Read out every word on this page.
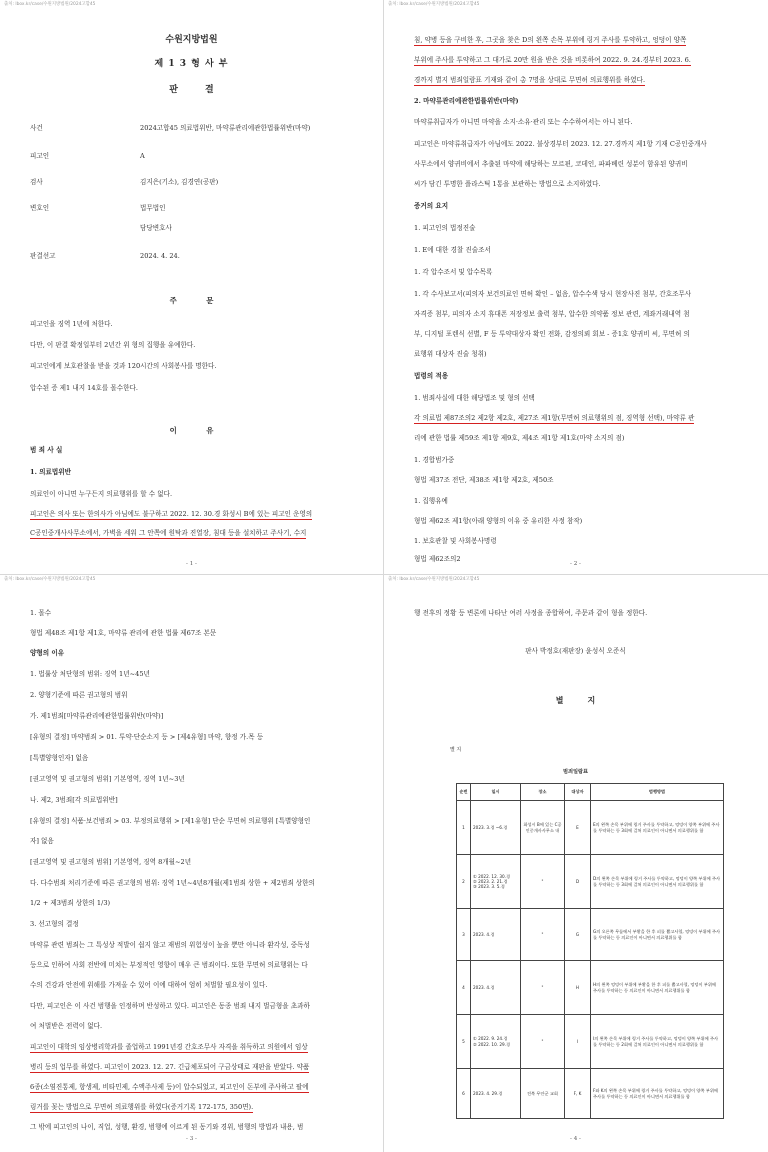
출처: lbox.kr/case/수원지방법원/2024고합45
수원지방법원
제 1 3 형 사 부
판　　　결
사건	2024고합45 의료법위반, 마약류관리에관한법률위반(마약)
피고인	A
검사	김지은(기소), 김경연(공판)
변호인	법무법인
담당변호사
판결선고	2024. 4. 24.
주　　　　문
피고인을 징역 1년에 처한다.
다만, 이 판결 확정일부터 2년간 위 형의 집행을 유예한다.
피고인에게 보호관찰을 받을 것과 120시간의 사회봉사를 명한다.
압수된 증 제1 내지 14호를 몰수한다.
이　　　　유
범 죄 사 실
1. 의료법위반
의료인이 아니면 누구든지 의료행위를 할 수 없다.
피고인은 의사 또는 한의사가 아님에도 불구하고 2022. 12. 30.경 화성시 B에 있는 피고인 운영의
C공인중개사사무소에서, 가벽을 세워 그 안쪽에 원탁과 진열장, 침대 등을 설치하고 주사기, 수지
- 1 -
출처: lbox.kr/case/수원지방법원/2024고합45
침, 약병 등을 구비한 후, 그곳을 찾은 D의 왼쪽 손목 부위에 링거 주사를 투약하고, 엉덩이 양쪽
부위에 주사를 투약하고 그 대가로 20만 원을 받은 것을 비롯하여 2022. 9. 24.경부터 2023. 6.
경까지 별지 범죄일람표 기재와 같이 총 7명을 상대로 무면허 의료행위를 하였다.
2. 마약류관리에관한법률위반(마약)
마약류취급자가 아니면 마약을 소지·소유·관리 또는 수수하여서는 아니 된다.
피고인은 마약류취급자가 아님에도 2022. 불상경부터 2023. 12. 27.경까지 제1항 기재 C공인중개사
사무소에서 양귀비에서 추출된 마약에 해당하는 모르핀, 코데인, 파파베린 성분이 함유된 양귀비
씨가 담긴 투명한 플라스틱 1통을 보관하는 방법으로 소지하였다.
증거의 요지
1. 피고인의 법정진술
1. E에 대한 경찰 진술조서
1. 각 압수조서 및 압수목록
1. 각 수사보고서(피의자 보건의료인 면허 확인 – 없음, 압수수색 당시 현장사진 첨부, 간호조무사
자격증 첨부, 피의자 소지 휴대폰 저장정보 출력 첨부, 압수한 의약품 정보 관련, 계좌거래내역 첨
부, 디지털 포렌식 선별, F 등 투약대상자 확인 전화, 감정의뢰 회보 - 증1호 양귀비 씨, 무면허 의
료행위 대상자 진술 청취)
법령의 적용
1. 범죄사실에 대한 해당법조 및 형의 선택
각 의료법 제87조의2 제2항 제2호, 제27조 제1항(무면허 의료행위의 점, 징역형 선택), 마약류 관
리에 관한 법률 제59조 제1항 제9호, 제4조 제1항 제1호(마약 소지의 점)
1. 경합범가중
형법 제37조 전단, 제38조 제1항 제2호, 제50조
1. 집행유예
형법 제62조 제1항(아래 양형의 이유 중 유리한 사정 참작)
1. 보호관찰 및 사회봉사명령
형법 제62조의2
- 2 -
출처: lbox.kr/case/수원지방법원/2024고합45
1. 몰수
형법 제48조 제1항 제1호, 마약류 관리에 관한 법률 제67조 본문
양형의 이유
1. 법률상 처단형의 범위: 징역 1년~45년
2. 양형기준에 따른 권고형의 범위
가. 제1범죄[마약류관리에관한법률위반(마약)]
[유형의 결정] 마약범죄 > 01. 투약·단순소지 등 > [제4유형] 마약, 향정 가.목 등
[특별양형인자] 없음
[권고영역 및 권고형의 범위] 기본영역, 징역 1년~3년
나. 제2, 3범죄[각 의료법위반]
[유형의 결정] 식품·보건범죄 > 03. 부정의료행위 > [제1유형] 단순 무면허 의료행위 [특별양형인
자] 없음
[권고영역 및 권고형의 범위] 기본영역, 징역 8개월~2년
다. 다수범죄 처리기준에 따른 권고형의 범위: 징역 1년~4년8개월(제1범죄 상한 + 제2범죄 상한의
1/2 + 제3범죄 상한의 1/3)
3. 선고형의 결정
마약류 관련 범죄는 그 특성상 적발이 쉽지 않고 재범의 위험성이 높을 뿐만 아니라 환각성, 중독성
등으로 인하여 사회 전반에 미치는 부정적인 영향이 매우 큰 범죄이다. 또한 무면허 의료행위는 다
수의 건강과 안전에 위해를 가져올 수 있어 이에 대하여 엄히 처벌할 필요성이 있다.
다만, 피고인은 이 사건 범행을 인정하며 반성하고 있다. 피고인은 동종 범죄 내지 벌금형을 초과하
여 처벌받은 전력이 없다.
피고인이 대학의 임상병리학과를 졸업하고 1991년경 간호조무사 자격을 취득하고 의원에서 임상
병리 등의 업무를 하였다. 피고인이 2023. 12. 27. 긴급체포되어 구금상태로 재판을 받았다. 약품
6종(소염진통제, 항생제, 비타민제, 수액주사제 등)이 압수되었고, 피고인이 돈부에 주사하고 팔에
링거를 꽂는 방법으로 무면허 의료행위를 하였다(증거기록 172-175, 350면).
그 밖에 피고인의 나이, 직업, 성행, 환경, 범행에 이르게 된 동기와 경위, 범행의 방법과 내용, 범
- 3 -
출처: lbox.kr/case/수원지방법원/2024고합45
행 전후의 정황 등 변론에 나타난 여러 사정을 종합하여, 주문과 같이 형을 정한다.
판사 박정호(재판장) 윤성식 오준식
별　　　지
별 지
범죄일람표
순번	일시	장소	대상자	범행방법
1	2023. 3.경 ~6.경	화성시 B에 있는 C공인중개사사무소 내	E	E의 왼쪽 손목 부위에 링거 주사를 투약하고, 엉덩이 양쪽 부위에 주사를 투약하는 등 3회에 걸쳐 의료인이 아니면서 의료행위를 함
2	① 2022. 12. 30.경
② 2023. 2. 21.경
③ 2023. 3. 5.경	"	D	D의 왼쪽 손목 부위에 링거 주사를 투약하고, 엉덩이 양쪽 부위에 주사를 투약하는 등 3회에 걸쳐 의료인이 아니면서 의료행위를 함
3	2023. 4.경	"	G	G의 오른쪽 무릎에서 부황을 한 후 피를 뽑고사혈, 엉덩이 부위에 주사를 투약하는 등 의료인이 아니면서 의료행위를 함
4	2023. 4.경	"	H	H의 왼쪽 엉덩이 부위에 부황을 한 후 피를 뽑고사혈, 엉덩이 부위에 주사를 투약하는 등 의료인이 아니면서 의료행위를 함
5	① 2022. 9. 24.경
② 2022. 10. 29.경	"	I	I의 왼쪽 손목 부위에 링거 주사를 투약하고, 엉덩이 양쪽 부위에 주사를 투약하는 등 2회에 걸쳐 의료인이 아니면서 의료행위를 함
6	2023. 4. 29.경	전북 무안군 교회	F, K	F와 K의 왼쪽 손목 부위에 링거 주사를 투약하고, 엉덩이 양쪽 부위에 주사를 투약하는 등 의료인이 아니면서 의료행위를 함
- 4 -
